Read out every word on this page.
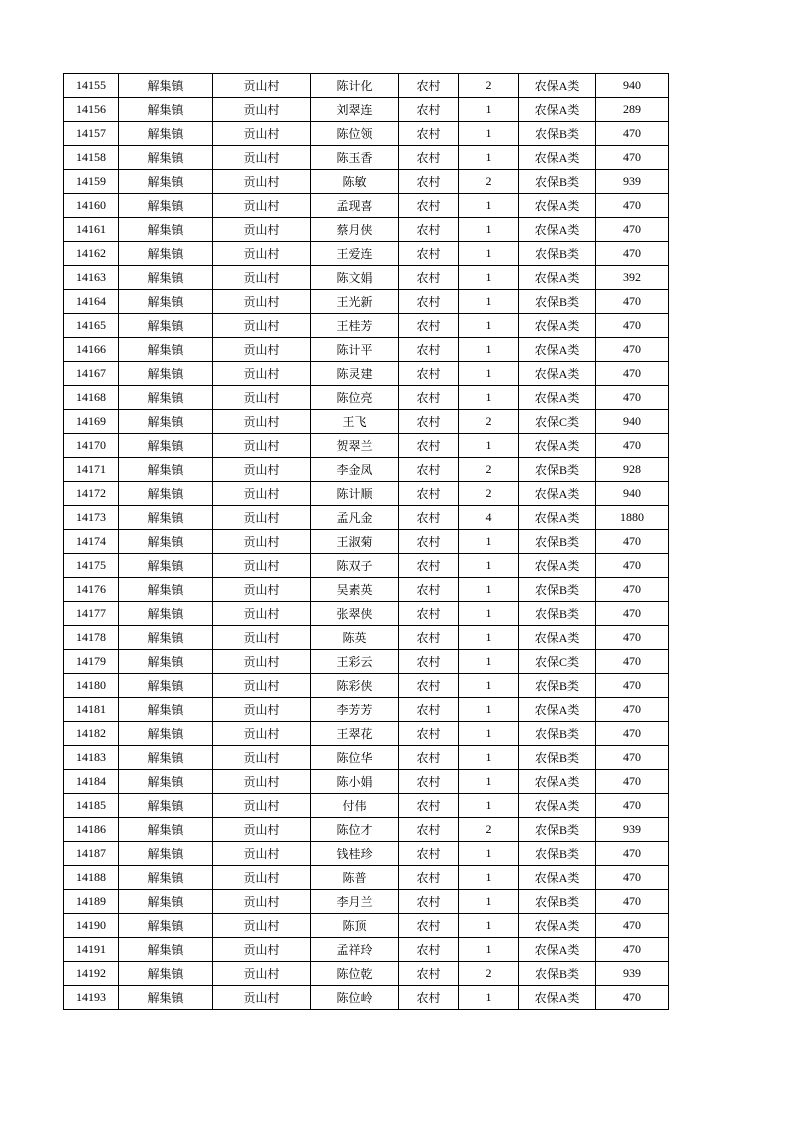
14155	解集镇	贡山村	陈计化	农村	2	农保A类	940
14156	解集镇	贡山村	刘翠连	农村	1	农保A类	289
14157	解集镇	贡山村	陈位领	农村	1	农保B类	470
14158	解集镇	贡山村	陈玉香	农村	1	农保A类	470
14159	解集镇	贡山村	陈敏	农村	2	农保B类	939
14160	解集镇	贡山村	孟现喜	农村	1	农保A类	470
14161	解集镇	贡山村	蔡月侠	农村	1	农保A类	470
14162	解集镇	贡山村	王爱连	农村	1	农保B类	470
14163	解集镇	贡山村	陈文娟	农村	1	农保A类	392
14164	解集镇	贡山村	王光新	农村	1	农保B类	470
14165	解集镇	贡山村	王桂芳	农村	1	农保A类	470
14166	解集镇	贡山村	陈计平	农村	1	农保A类	470
14167	解集镇	贡山村	陈灵建	农村	1	农保A类	470
14168	解集镇	贡山村	陈位亮	农村	1	农保A类	470
14169	解集镇	贡山村	王飞	农村	2	农保C类	940
14170	解集镇	贡山村	贺翠兰	农村	1	农保A类	470
14171	解集镇	贡山村	李金凤	农村	2	农保B类	928
14172	解集镇	贡山村	陈计顺	农村	2	农保A类	940
14173	解集镇	贡山村	孟凡金	农村	4	农保A类	1880
14174	解集镇	贡山村	王淑菊	农村	1	农保B类	470
14175	解集镇	贡山村	陈双子	农村	1	农保A类	470
14176	解集镇	贡山村	吴素英	农村	1	农保B类	470
14177	解集镇	贡山村	张翠侠	农村	1	农保B类	470
14178	解集镇	贡山村	陈英	农村	1	农保A类	470
14179	解集镇	贡山村	王彩云	农村	1	农保C类	470
14180	解集镇	贡山村	陈彩侠	农村	1	农保B类	470
14181	解集镇	贡山村	李芳芳	农村	1	农保A类	470
14182	解集镇	贡山村	王翠花	农村	1	农保B类	470
14183	解集镇	贡山村	陈位华	农村	1	农保B类	470
14184	解集镇	贡山村	陈小娟	农村	1	农保A类	470
14185	解集镇	贡山村	付伟	农村	1	农保A类	470
14186	解集镇	贡山村	陈位才	农村	2	农保B类	939
14187	解集镇	贡山村	钱桂珍	农村	1	农保B类	470
14188	解集镇	贡山村	陈普	农村	1	农保A类	470
14189	解集镇	贡山村	李月兰	农村	1	农保B类	470
14190	解集镇	贡山村	陈顶	农村	1	农保A类	470
14191	解集镇	贡山村	孟祥玲	农村	1	农保A类	470
14192	解集镇	贡山村	陈位乾	农村	2	农保B类	939
14193	解集镇	贡山村	陈位岭	农村	1	农保A类	470
